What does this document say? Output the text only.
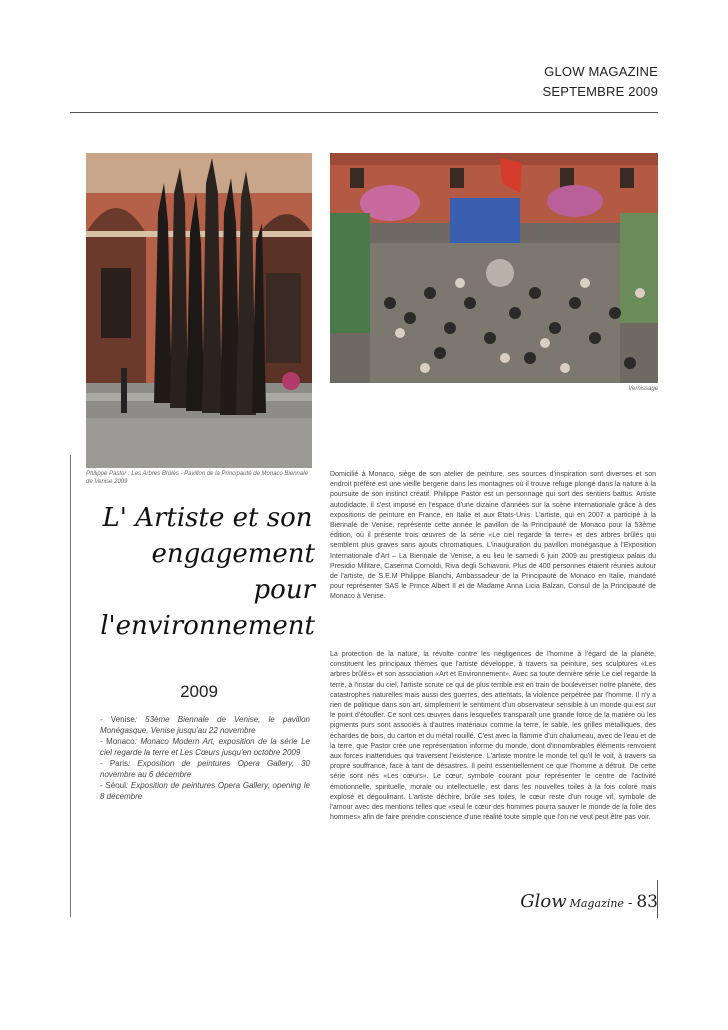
GLOW MAGAZINE
SEPTEMBRE 2009
Philippe Pastor : Les Arbres Brûlés - Pavillon de la Principauté de Monaco Biennale de Venise 2009
Vernissage
L' Artiste et son
engagement pour
l'environnement
2009

- Venise: 53ème Biennale de Venise, le pavillon Monégasque, Venise jusqu'au 22 novembre

- Monaco: Monaco Modern Art, exposition de la série Le ciel regarde la terre et Les Cœurs jusqu'en octobre 2009

- Paris: Exposition de peintures Opera Gallery, 30 novembre au 6 décembre

- Séoul: Exposition de peintures Opera Gallery, opening le 8 décembre

Domicilié à Monaco, siège de son atelier de peinture, ses sources d'inspiration sont diverses et son endroit préféré est une vieille bergerie dans les montagnes où il trouve refuge plongé dans la nature à la poursuite de son instinct créatif. Philippe Pastor est un personnage qui sort des sentiers battus. Artiste autodidacte, il s'est imposé en l'espace d'une dizaine d'années sur la scène internationale grâce à des expositions de peinture en France, en Italie et aux Etats-Unis. L'artiste, qui en 2007 a participé à la Biennale de Venise, représente cette année le pavillon de la Principauté de Monaco pour la 53ème édition, où il présente trois œuvres de la série «Le ciel regarde la terre» et des arbres brûlés qui semblent plus graves sans ajouts chromatiques. L'inauguration du pavillon monégasque à l'Exposition Internationale d'Art – La Biennale de Venise, a eu lieu le samedi 6 juin 2009 au prestigieux palais du Presidio Militare, Caserma Cornoldi, Riva degli Schiavoni. Plus de 400 personnes étaient réunies autour de l'artiste, de S.E.M Philippe Blanchi, Ambassadeur de la Principauté de Monaco en Italie, mandaté pour représenter SAS le Prince Albert II et de Madame Anna Licia Balzan, Consul de la Principauté de Monaco à Venise.

La protection de la nature, la révolte contre les négligences de l'homme à l'égard de la planète, constituent les principaux thèmes que l'artiste développe, à travers sa peinture, ses sculptures «Les arbres brûlés» et son association «Art et Environnement». Avec sa toute dernière série Le ciel regarde la terre, à l'instar du ciel, l'artiste scrute ce qui de plus terrible est en train de bouleverser notre planète, des catastrophes naturelles mais aussi des guerres, des attentats, la violence perpétrée par l'homme. Il n'y a rien de politique dans son art, simplement le sentiment d'un observateur sensible à un monde qui est sur le point d'étouffer. Ce sont ces œuvres dans lesquelles transparaît une grande force de la matière où les pigments purs sont associés à d'autres matériaux comme la terre, le sable, les grilles métalliques, des échardes de bois, du carton et du métal rouillé. C'est avec la flamme d'un chalumeau, avec de l'eau et de la terre, que Pastor crée une représentation informe du monde, dont d'innombrables éléments renvoient aux forces inattendues qui traversent l'existence. L'artiste montre le monde tel qu'il le voit, à travers sa propre souffrance, face à tant de désastres. Il peint essentiellement ce que l'homme a détruit. De cette série sont nés «Les cœurs». Le cœur, symbole courant pour représenter le centre de l'activité émotionnelle, spirituelle, morale ou intellectuelle, est dans les nouvelles toiles à la fois coloré mais explosé et dégoulinant. L'artiste déchire, brûle ses toiles, le cœur reste d'un rouge vif, symbole de l'amour avec des mentions telles que «seul le cœur des hommes pourra sauver le monde de la folie des hommes» afin de faire prendre conscience d'une réalité toute simple que l'on ne veut peut être pas voir.

Glow Magazine - 83
